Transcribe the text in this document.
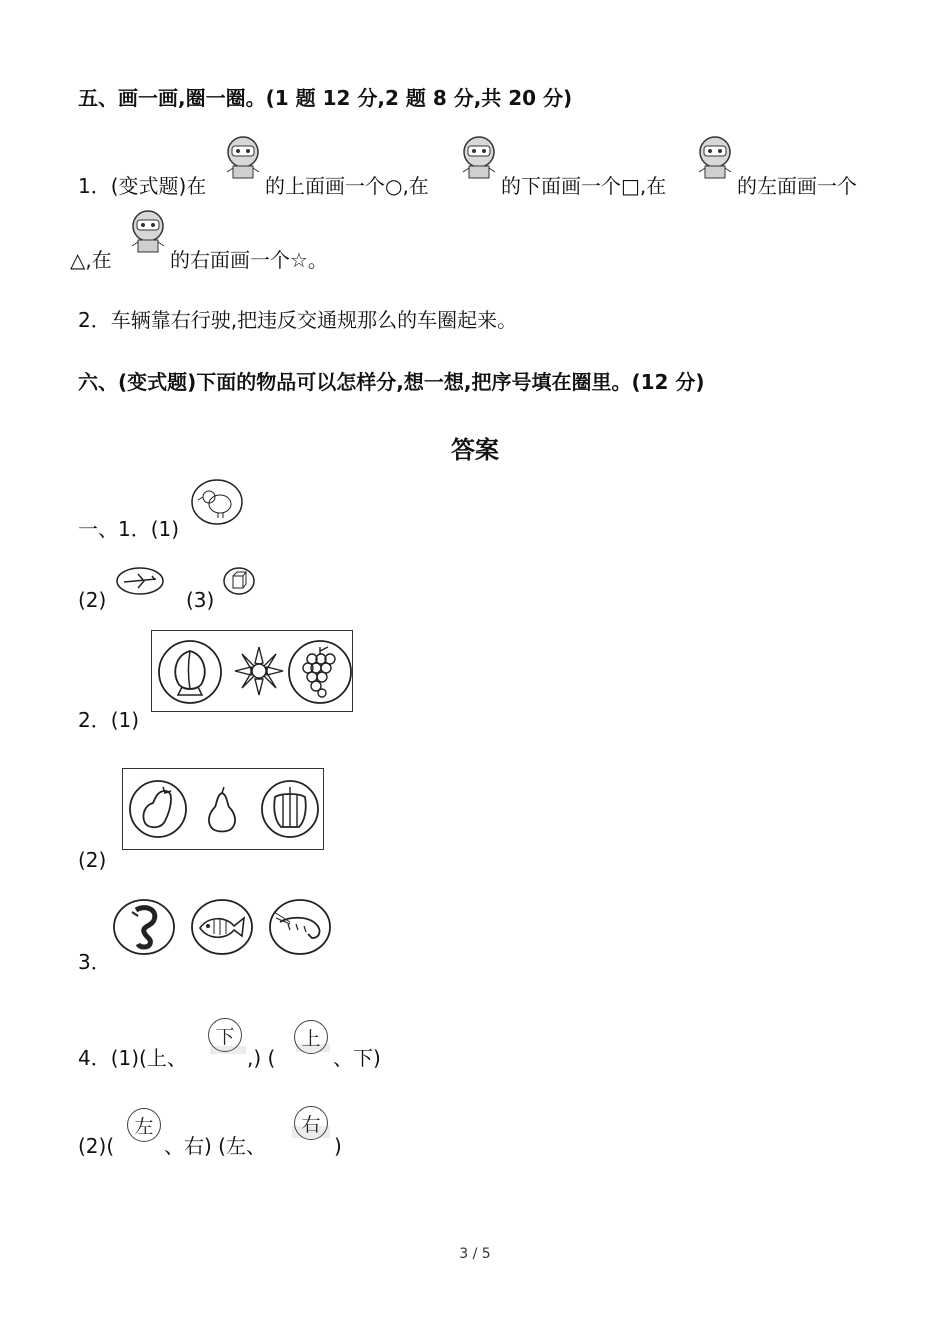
五、画一画,圈一圈。(1 题 12 分,2 题 8 分,共 20 分)
1．(变式题)在	的上面画一个○,在	的下面画一个□,在	的左面画一个
△,在	的右面画一个☆。
2．车辆靠右行驶,把违反交通规那么的车圈起来。
六、(变式题)下面的物品可以怎样分,想一想,把序号填在圈里。(12 分)
答案
一、1．(1)
(2)	(3)
2．(1)
(2)
3．
4．(1)(上、
下
,) (
上
、下)
(2)(
左
、右) (左、
右
)
3 / 5
